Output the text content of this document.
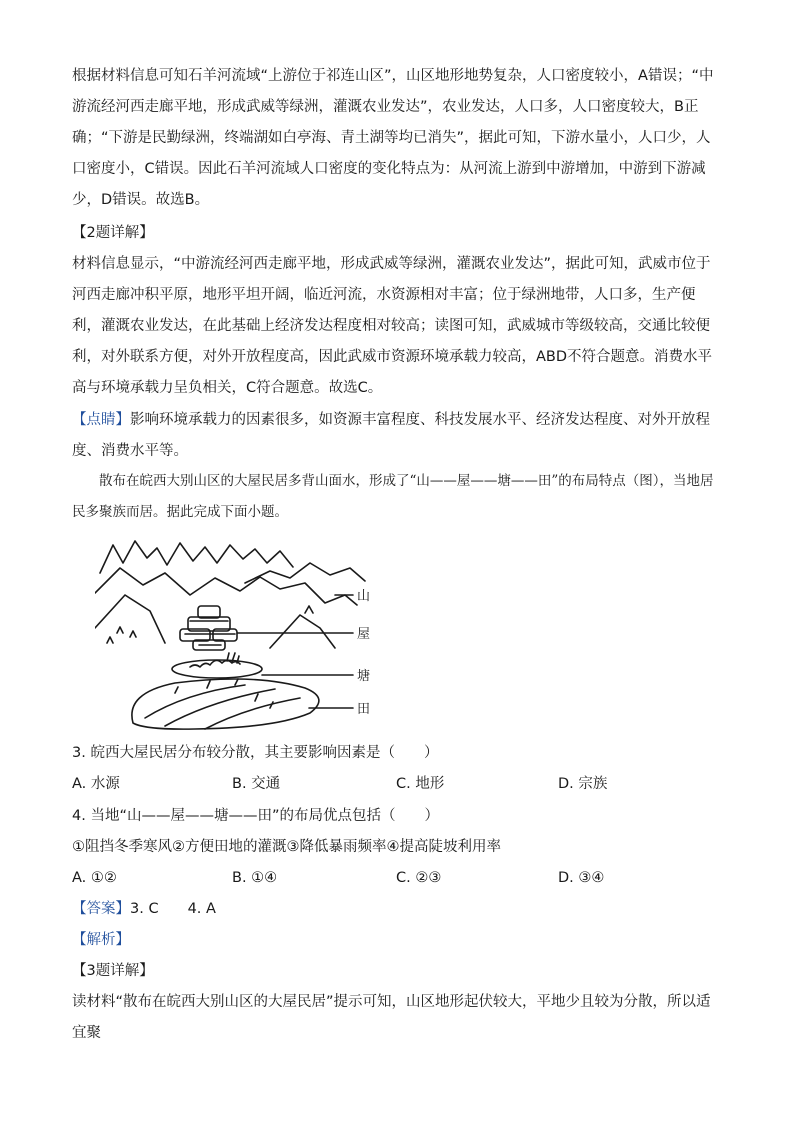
根据材料信息可知石羊河流域“上游位于祁连山区”，山区地形地势复杂，人口密度较小，A错误；“中游流经河西走廊平地，形成武威等绿洲，灌溉农业发达”，农业发达，人口多，人口密度较大，B正确；“下游是民勤绿洲，终端湖如白亭海、青土湖等均已消失”，据此可知，下游水量小，人口少，人口密度小，C错误。因此石羊河流域人口密度的变化特点为：从河流上游到中游增加，中游到下游减少，D错误。故选B。

【2题详解】

材料信息显示，“中游流经河西走廊平地，形成武威等绿洲，灌溉农业发达”，据此可知，武威市位于河西走廊冲积平原，地形平坦开阔，临近河流，水资源相对丰富；位于绿洲地带，人口多，生产便利，灌溉农业发达，在此基础上经济发达程度相对较高；读图可知，武威城市等级较高，交通比较便利，对外联系方便，对外开放程度高，因此武威市资源环境承载力较高，ABD不符合题意。消费水平高与环境承载力呈负相关，C符合题意。故选C。

【点睛】影响环境承载力的因素很多，如资源丰富程度、科技发展水平、经济发达程度、对外开放程度、消费水平等。

散布在皖西大别山区的大屋民居多背山面水，形成了“山——屋——塘——田”的布局特点（图），当地居民多聚族而居。据此完成下面小题。

山
屋
塘
田

3. 皖西大屋民居分布较分散，其主要影响因素是（　　）

A. 水源	B. 交通	C. 地形	D. 宗族

4. 当地“山——屋——塘——田”的布局优点包括（　　）

①阻挡冬季寒风②方便田地的灌溉③降低暴雨频率④提高陡坡利用率

A. ①②	B. ①④	C. ②③	D. ③④

【答案】3. C　　4. A

【解析】

【3题详解】

读材料“散布在皖西大别山区的大屋民居”提示可知，山区地形起伏较大，平地少且较为分散，所以适宜聚
